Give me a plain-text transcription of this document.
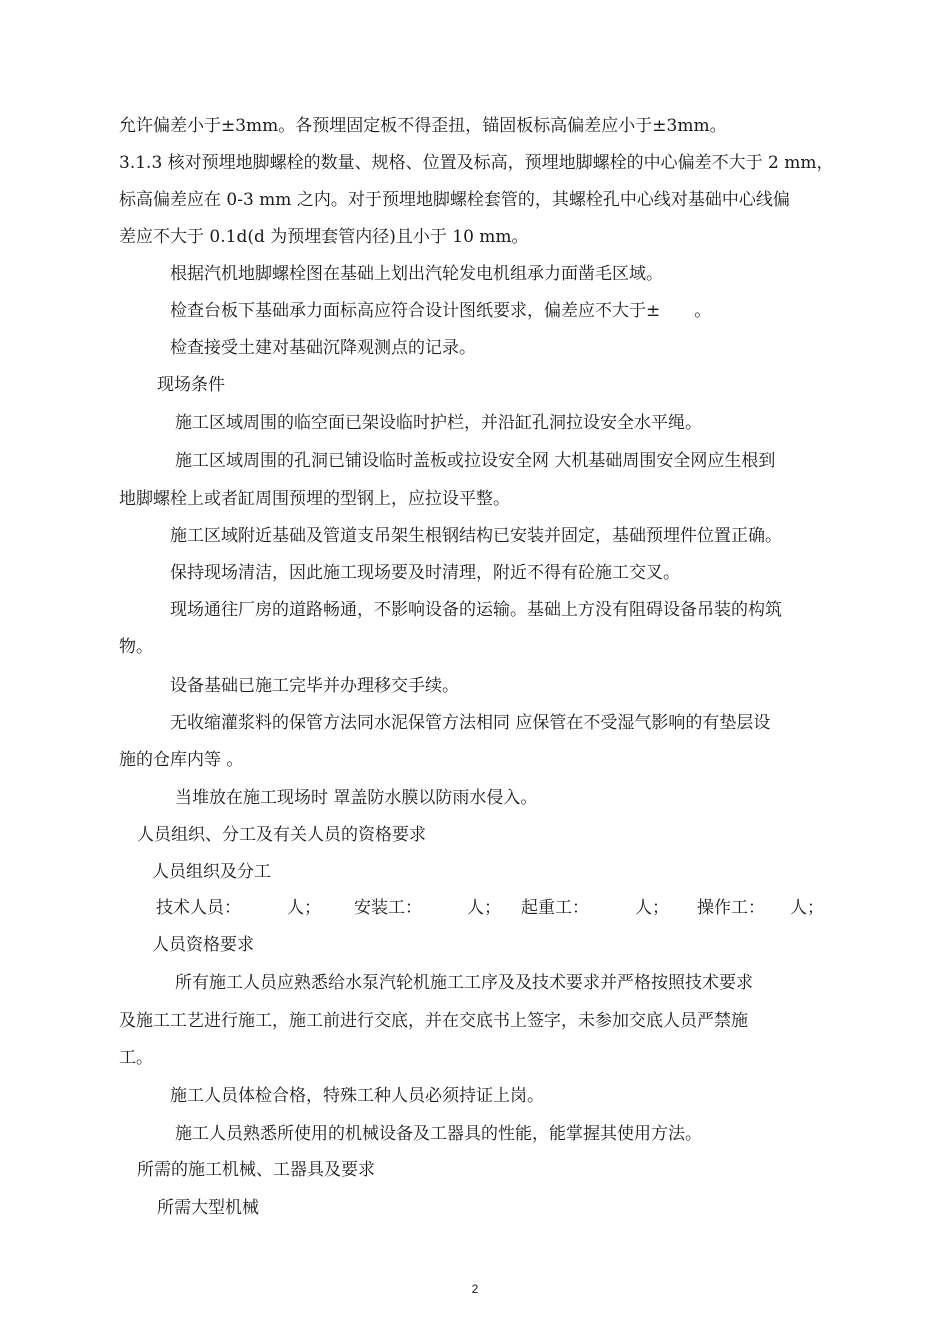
允许偏差小于±3mm。各预埋固定板不得歪扭，锚固板标高偏差应小于±3mm。
3.1.3 核对预埋地脚螺栓的数量、规格、位置及标高，预埋地脚螺栓的中心偏差不大于 2 mm，
标高偏差应在 0-3 mm 之内。对于预埋地脚螺栓套管的，其螺栓孔中心线对基础中心线偏
差应不大于 0.1d(d 为预埋套管内径)且小于 10 mm。
根据汽机地脚螺栓图在基础上划出汽轮发电机组承力面凿毛区域。
检查台板下基础承力面标高应符合设计图纸要求，偏差应不大于±　　。
检查接受土建对基础沉降观测点的记录。
现场条件
施工区域周围的临空面已架设临时护栏，并沿缸孔洞拉设安全水平绳。
施工区域周围的孔洞已铺设临时盖板或拉设安全网 大机基础周围安全网应生根到
地脚螺栓上或者缸周围预埋的型钢上，应拉设平整。
施工区域附近基础及管道支吊架生根钢结构已安装并固定，基础预埋件位置正确。
保持现场清洁，因此施工现场要及时清理，附近不得有砼施工交叉。
现场通往厂房的道路畅通，不影响设备的运输。基础上方没有阻碍设备吊装的构筑
物。
设备基础已施工完毕并办理移交手续。
无收缩灌浆料的保管方法同水泥保管方法相同 应保管在不受湿气影响的有垫层设
施的仓库内等 。
当堆放在施工现场时 罩盖防水膜以防雨水侵入。
人员组织、分工及有关人员的资格要求
人员组织及分工
技术人员：	人； 安装工：	人； 起重工：	人； 操作工： 人；
人员资格要求
所有施工人员应熟悉给水泵汽轮机施工工序及及技术要求并严格按照技术要求
及施工工艺进行施工，施工前进行交底，并在交底书上签字，未参加交底人员严禁施
工。
施工人员体检合格，特殊工种人员必须持证上岗。
施工人员熟悉所使用的机械设备及工器具的性能，能掌握其使用方法。
所需的施工机械、工器具及要求
所需大型机械
2
